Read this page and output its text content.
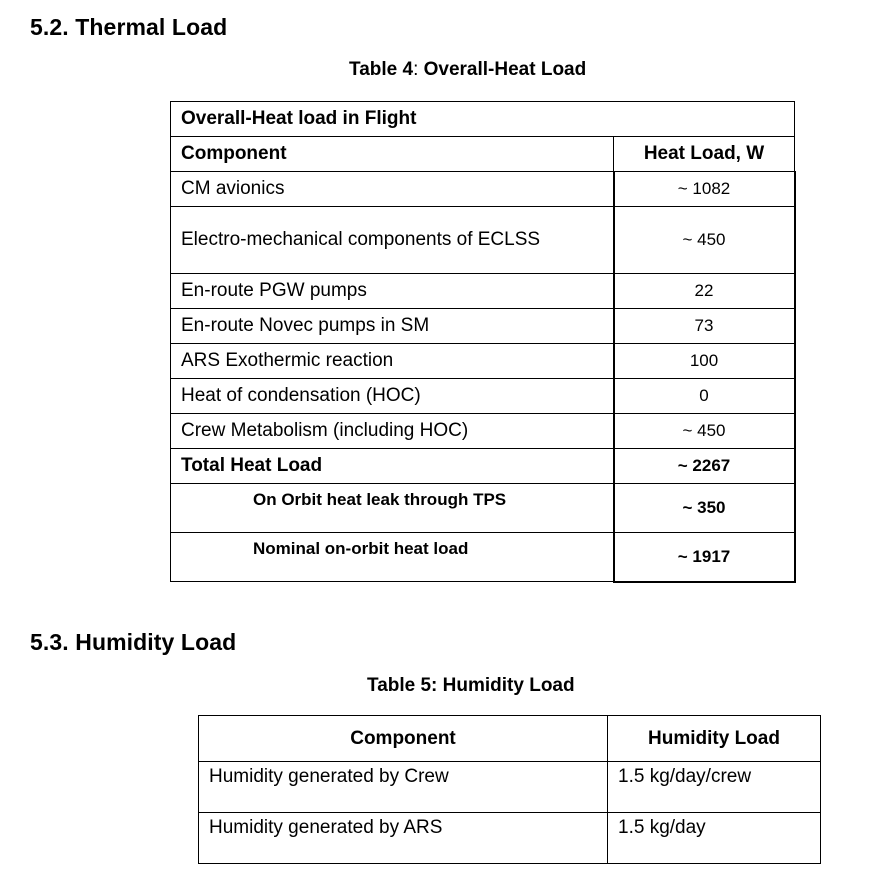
5.2. Thermal Load

Table 4: Overall-Heat Load

Overall-Heat load in Flight	
Component	Heat Load, W
CM avionics	~ 1082
Electro-mechanical components of ECLSS	~ 450
En-route PGW pumps	22
En-route Novec pumps in SM	73
ARS Exothermic reaction	100
Heat of condensation (HOC)	0
Crew Metabolism (including HOC)	~ 450
Total Heat Load	~ 2267
On Orbit heat leak through TPS	~ 350
Nominal on-orbit heat load	~ 1917
5.3. Humidity Load

Table 5: Humidity Load

Component	Humidity Load
Humidity generated by Crew	1.5 kg/day/crew
Humidity generated by ARS	1.5 kg/day
